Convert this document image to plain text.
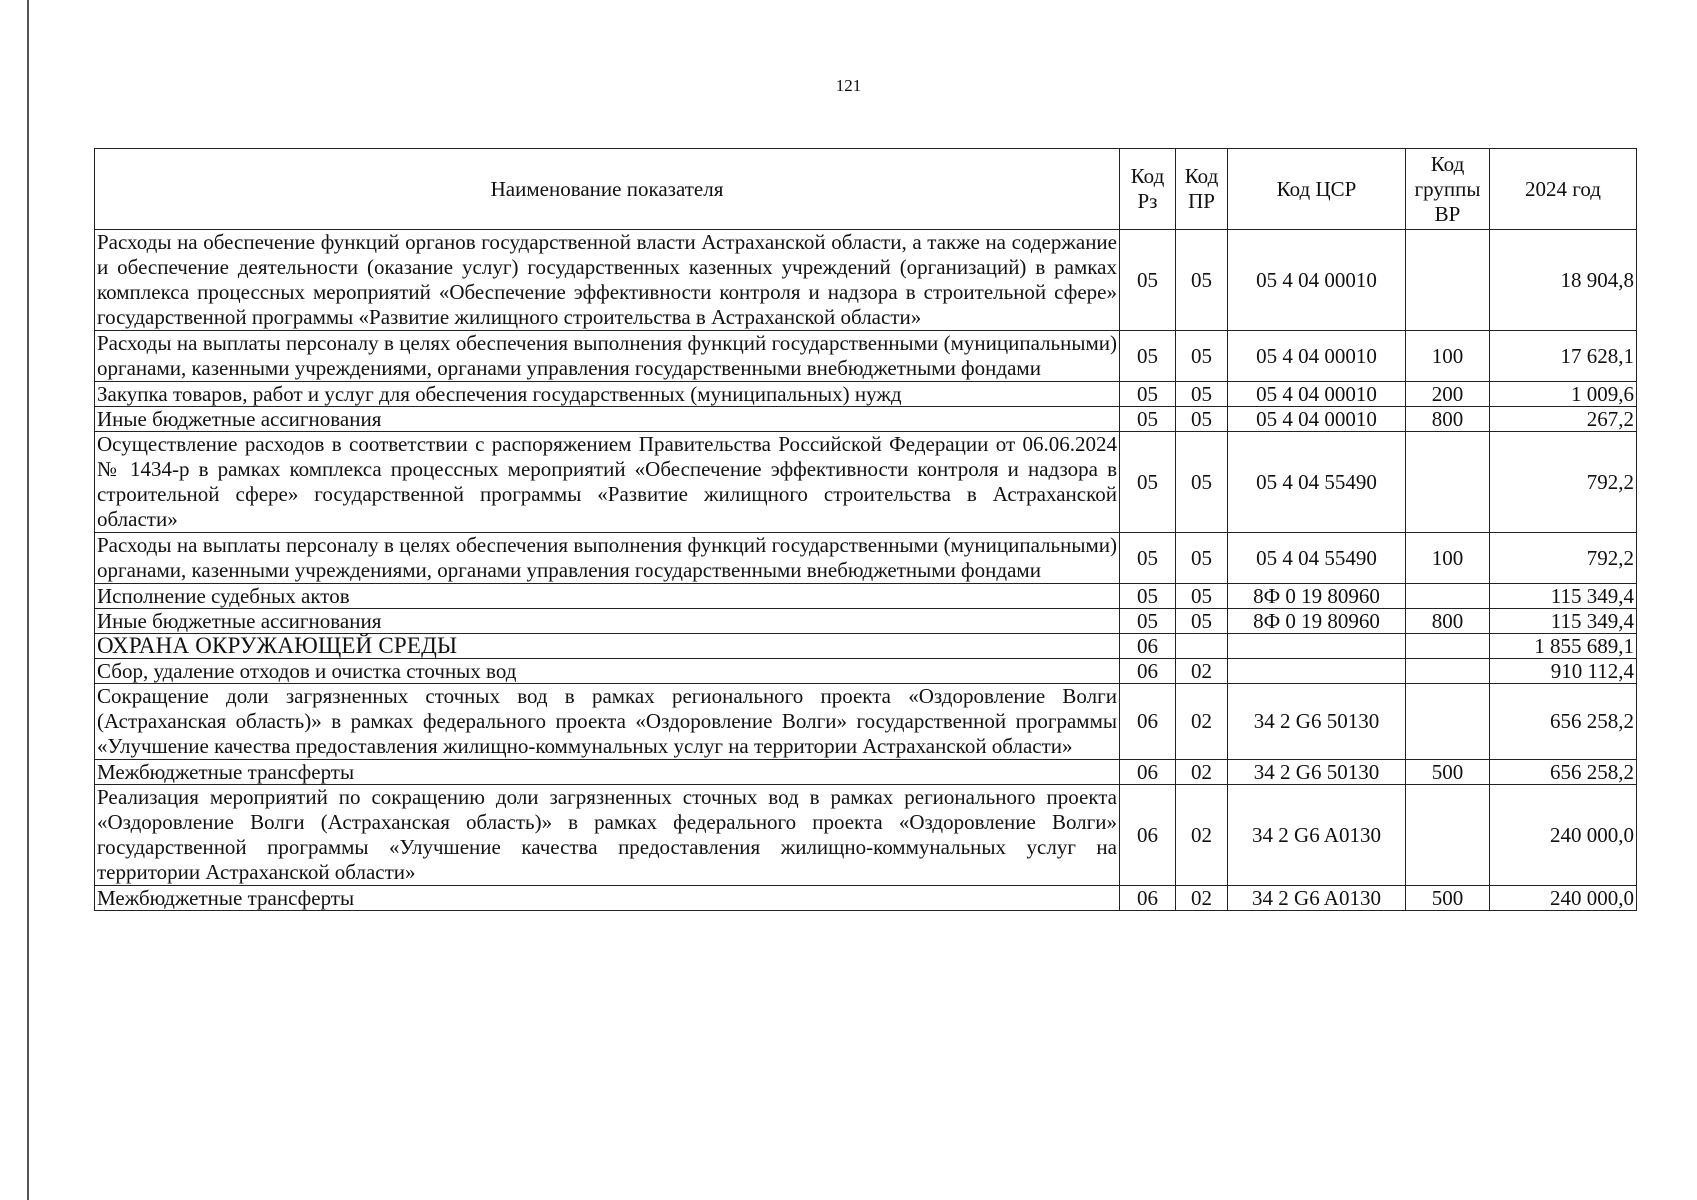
121
Наименование показателя	Код Рз	Код ПР	Код ЦСР	Код группы ВР	2024 год
Расходы на обеспечение функций органов государственной власти Астраханской области, а также на содержание и обеспечение деятельности (оказание услуг) государственных казенных учреждений (организаций) в рамках комплекса процессных мероприятий «Обеспечение эффективности контроля и надзора в строительной сфере» государственной программы «Развитие жилищного строительства в Астраханской области»	05	05	05 4 04 00010		18 904,8
Расходы на выплаты персоналу в целях обеспечения выполнения функций государственными (муниципальными) органами, казенными учреждениями, органами управления государственными внебюджетными фондами	05	05	05 4 04 00010	100	17 628,1
Закупка товаров, работ и услуг для обеспечения государственных (муниципальных) нужд	05	05	05 4 04 00010	200	1 009,6
Иные бюджетные ассигнования	05	05	05 4 04 00010	800	267,2
Осуществление расходов в соответствии с распоряжением Правительства Российской Федерации от 06.06.2024 № 1434-р в рамках комплекса процессных мероприятий «Обеспечение эффективности контроля и надзора в строительной сфере» государственной программы «Развитие жилищного строительства в Астраханской области»	05	05	05 4 04 55490		792,2
Расходы на выплаты персоналу в целях обеспечения выполнения функций государственными (муниципальными) органами, казенными учреждениями, органами управления государственными внебюджетными фондами	05	05	05 4 04 55490	100	792,2
Исполнение судебных актов	05	05	8Ф 0 19 80960		115 349,4
Иные бюджетные ассигнования	05	05	8Ф 0 19 80960	800	115 349,4
ОХРАНА ОКРУЖАЮЩЕЙ СРЕДЫ	06				1 855 689,1
Сбор, удаление отходов и очистка сточных вод	06	02			910 112,4
Сокращение доли загрязненных сточных вод в рамках регионального проекта «Оздоровление Волги (Астраханская область)» в рамках федерального проекта «Оздоровление Волги» государственной программы «Улучшение качества предоставления жилищно-коммунальных услуг на территории Астраханской области»	06	02	34 2 G6 50130		656 258,2
Межбюджетные трансферты	06	02	34 2 G6 50130	500	656 258,2
Реализация мероприятий по сокращению доли загрязненных сточных вод в рамках регионального проекта «Оздоровление Волги (Астраханская область)» в рамках федерального проекта «Оздоровление Волги» государственной программы «Улучшение качества предоставления жилищно-коммунальных услуг на территории Астраханской области»	06	02	34 2 G6 A0130		240 000,0
Межбюджетные трансферты	06	02	34 2 G6 A0130	500	240 000,0
